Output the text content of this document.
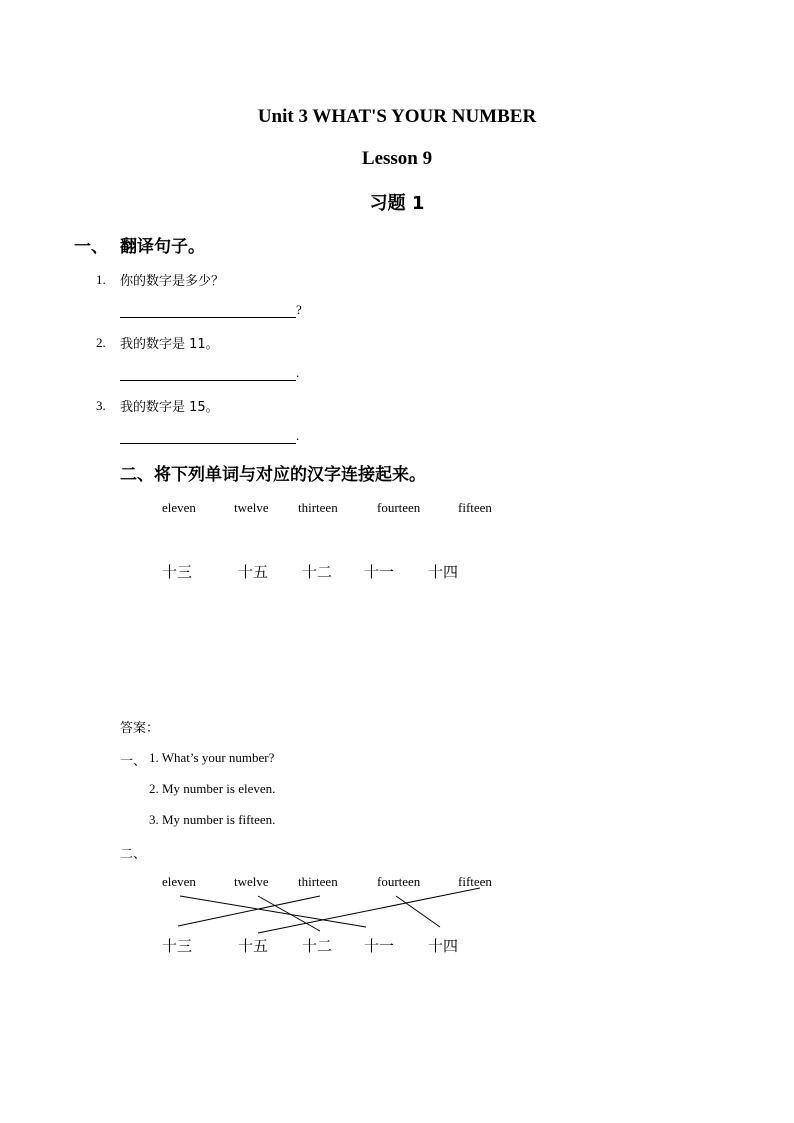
Unit 3 WHAT'S YOUR NUMBER
Lesson 9
习题 1
一、 翻译句子。
1. 你的数字是多少？
?
2. 我的数字是 11。
.
3. 我的数字是 15。
.
二、将下列单词与对应的汉字连接起来。
eleven	twelve thirteen	fourteen	fifteen
十三	十五 十二 十一 十四
答案：
一、 1. What’s your number?
2. My number is eleven.
3. My number is fifteen.
二、
eleven	twelve thirteen	fourteen	fifteen
十三	十五 十二 十一 十四
